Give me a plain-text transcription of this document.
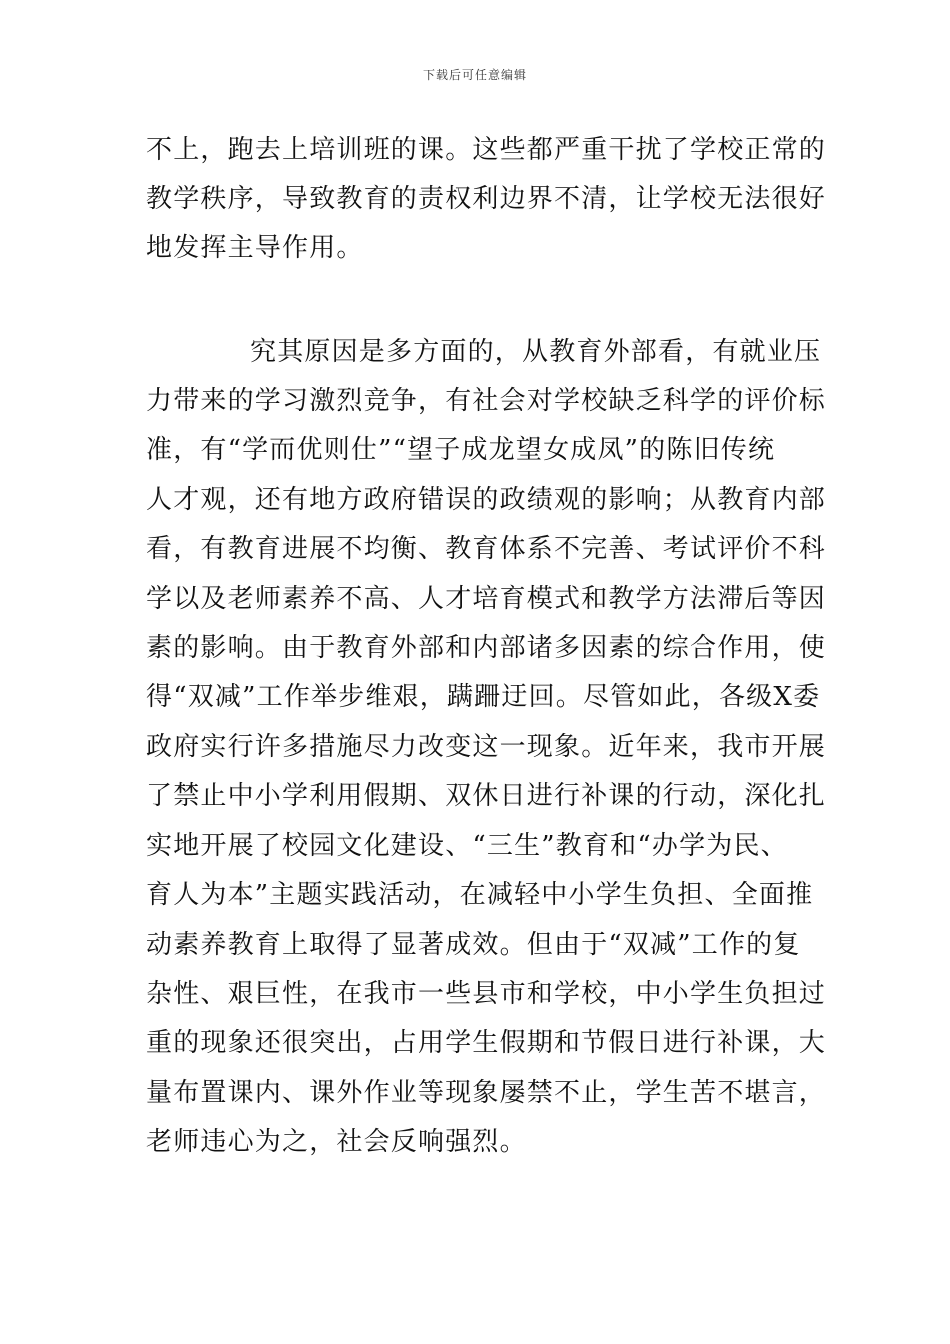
下载后可任意编辑
不上，跑去上培训班的课。这些都严重干扰了学校正常的
教学秩序，导致教育的责权利边界不清，让学校无法很好
地发挥主导作用。
究其原因是多方面的，从教育外部看，有就业压
力带来的学习激烈竞争，有社会对学校缺乏科学的评价标
准，有“学而优则仕”“望子成龙望女成凤”的陈旧传统
人才观，还有地方政府错误的政绩观的影响；从教育内部
看，有教育进展不均衡、教育体系不完善、考试评价不科
学以及老师素养不高、人才培育模式和教学方法滞后等因
素的影响。由于教育外部和内部诸多因素的综合作用，使
得“双减”工作举步维艰，蹒跚迂回。尽管如此，各级X委
政府实行许多措施尽力改变这一现象。近年来，我市开展
了禁止中小学利用假期、双休日进行补课的行动，深化扎
实地开展了校园文化建设、“三生”教育和“办学为民、
育人为本”主题实践活动，在减轻中小学生负担、全面推
动素养教育上取得了显著成效。但由于“双减”工作的复
杂性、艰巨性，在我市一些县市和学校，中小学生负担过
重的现象还很突出，占用学生假期和节假日进行补课，大
量布置课内、课外作业等现象屡禁不止，学生苦不堪言，
老师违心为之，社会反响强烈。
